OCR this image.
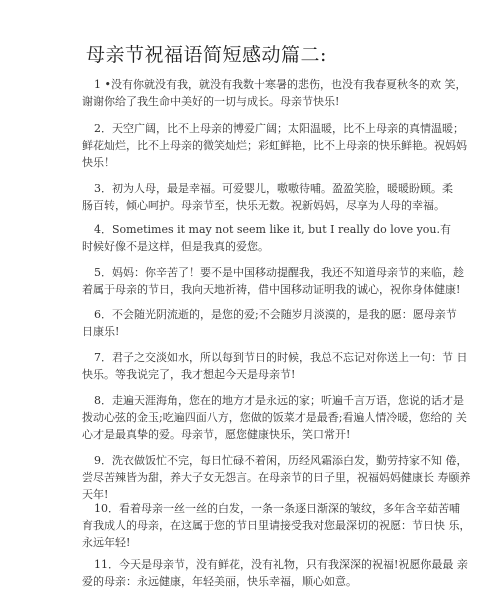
母亲节祝福语简短感动篇二:
1 •没有你就没有我，就没有我数十寒暑的悲伤，也没有我春夏秋冬的欢 笑，
谢谢你给了我生命中美好的一切与成长。母亲节快乐!
2．天空广阔，比不上母亲的博爱广阔；太阳温暖，比不上母亲的真情温暖；
鲜花灿烂，比不上母亲的微笑灿烂；彩虹鲜艳，比不上母亲的快乐鲜艳。祝妈妈
快乐！
3．初为人母，最是幸福。可爱婴儿，嗷嗷待哺。盈盈笑脸，暖暖盼顾。柔
肠百转，倾心呵护。母亲节至，快乐无数。祝新妈妈，尽享为人母的幸福。
4．Sometimes it may not seem like it, but I really do love you.有
时候好像不是这样，但是我真的爱您。
5．妈妈：你辛苦了！要不是中国移动提醒我，我还不知道母亲节的来临，趁
着属于母亲的节日，我向天地祈祷，借中国移动证明我的诚心，祝你身体健康!
6．不会随光阴流逝的，是您的爱;不会随岁月淡漠的，是我的愿：愿母亲节
日康乐!
7．君子之交淡如水，所以每到节日的时候，我总不忘记对你送上一句：节 日
快乐。等我说完了，我才想起今天是母亲节!
8．走遍天涯海角，您在的地方才是永远的家；听遍千言万语，您说的话才是
拨动心弦的金玉;吃遍四面八方，您做的饭菜才是最香;看遍人情冷暖，您给的 关
心才是最真挚的爱。母亲节，愿您健康快乐，笑口常开!
9．洗衣做饭忙不完，每日忙碌不着闲，历经风霜添白发，勤劳持家不知 倦，
尝尽苦辣皆为甜，养大子女无怨言。在母亲节的日子里，祝福妈妈健康长 寿颐养
天年!
10．看着母亲一丝一丝的白发，一条一条逐日渐深的皱纹，多年含辛茹苦哺
育我成人的母亲，在这属于您的节日里请接受我对您最深切的祝愿：节日快 乐，
永远年轻!
11．今天是母亲节，没有鲜花，没有礼物，只有我深深的祝福!祝愿你最最 亲
爱的母亲：永远健康，年轻美丽，快乐幸福，顺心如意。
